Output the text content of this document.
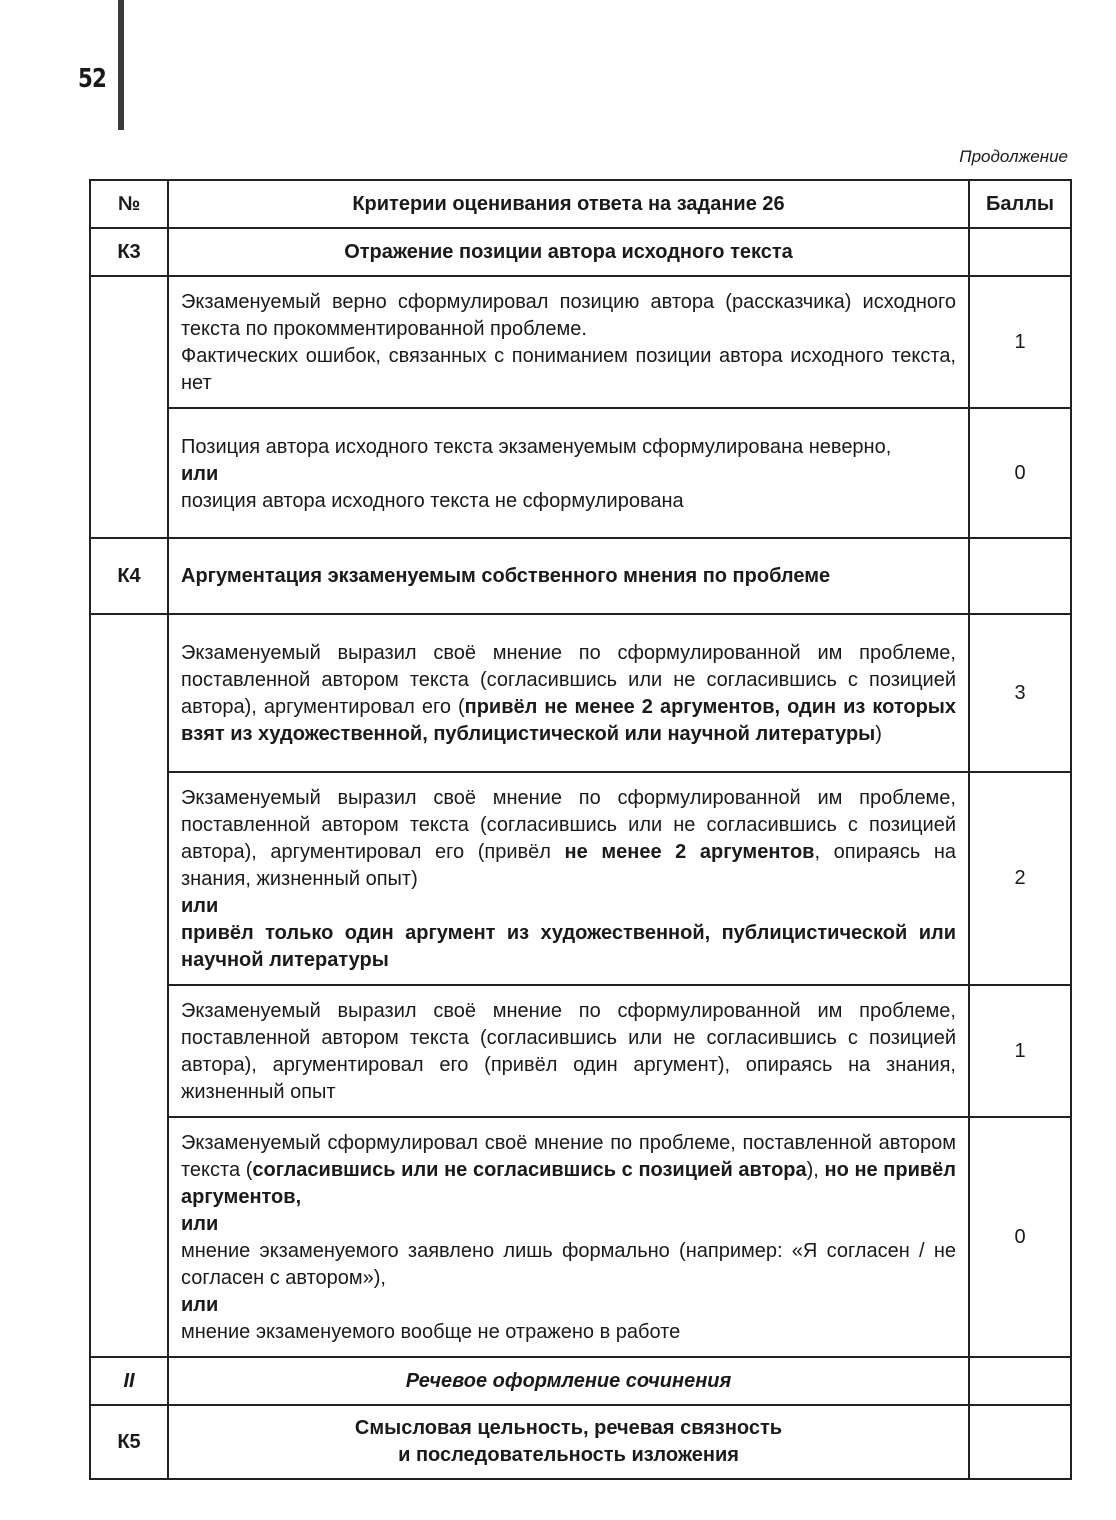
52
Продолжение
№	Критерии оценивания ответа на задание 26	Баллы
К3	Отражение позиции автора исходного текста	
	Экзаменуемый верно сформулировал позицию автора (рассказчика) исходного текста по прокомментированной проблеме.
Фактических ошибок, связанных с пониманием позиции автора исходного текста, нет	1

	Позиция автора исходного текста экзаменуемым сформулирована неверно,
или
позиция автора исходного текста не сформулирована	0
К4	Аргументация экзаменуемым собственного мнения по проблеме	
	Экзаменуемый выразил своё мнение по сформулированной им проблеме, поставленной автором текста (согласившись или не согласившись с позицией автора), аргументировал его (привёл не менее 2 аргументов, один из которых взят из художественной, публицистической или научной литературы)	3
	Экзаменуемый выразил своё мнение по сформулированной им проблеме, поставленной автором текста (согласившись или не согласившись с позицией автора), аргументировал его (привёл не менее 2 аргументов, опираясь на знания, жизненный опыт)
или
привёл только один аргумент из художественной, публицистической или научной литературы	2
	Экзаменуемый выразил своё мнение по сформулированной им проблеме, поставленной автором текста (согласившись или не согласившись с позицией автора), аргументировал его (привёл один аргумент), опираясь на знания, жизненный опыт	1
	Экзаменуемый сформулировал своё мнение по проблеме, поставленной автором текста (согласившись или не согласившись с позицией автора), но не привёл аргументов,
или
мнение экзаменуемого заявлено лишь формально (например: «Я согласен / не согласен с автором»),
или
мнение экзаменуемого вообще не отражено в работе	0
II	Речевое оформление сочинения	
К5	Смысловая цельность, речевая связность
и последовательность изложения	
